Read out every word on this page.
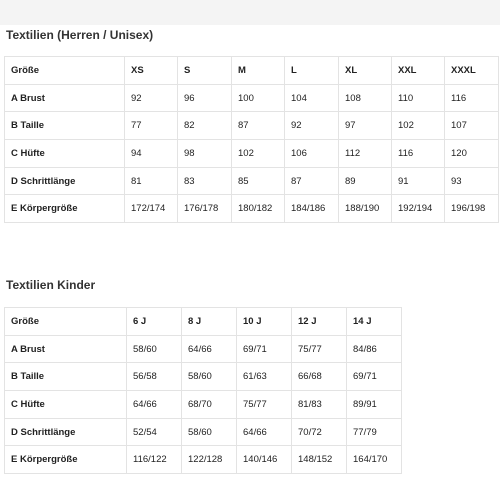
Textilien (Herren / Unisex)
Größe	XS	S	M	L	XL	XXL	XXXL
A Brust	92	96	100	104	108	110	116
B Taille	77	82	87	92	97	102	107
C Hüfte	94	98	102	106	112	116	120
D Schrittlänge	81	83	85	87	89	91	93
E Körpergröße	172/174	176/178	180/182	184/186	188/190	192/194	196/198
Textilien Kinder
Größe	6 J	8 J	10 J	12 J	14 J
A Brust	58/60	64/66	69/71	75/77	84/86
B Taille	56/58	58/60	61/63	66/68	69/71
C Hüfte	64/66	68/70	75/77	81/83	89/91
D Schrittlänge	52/54	58/60	64/66	70/72	77/79
E Körpergröße	116/122	122/128	140/146	148/152	164/170
